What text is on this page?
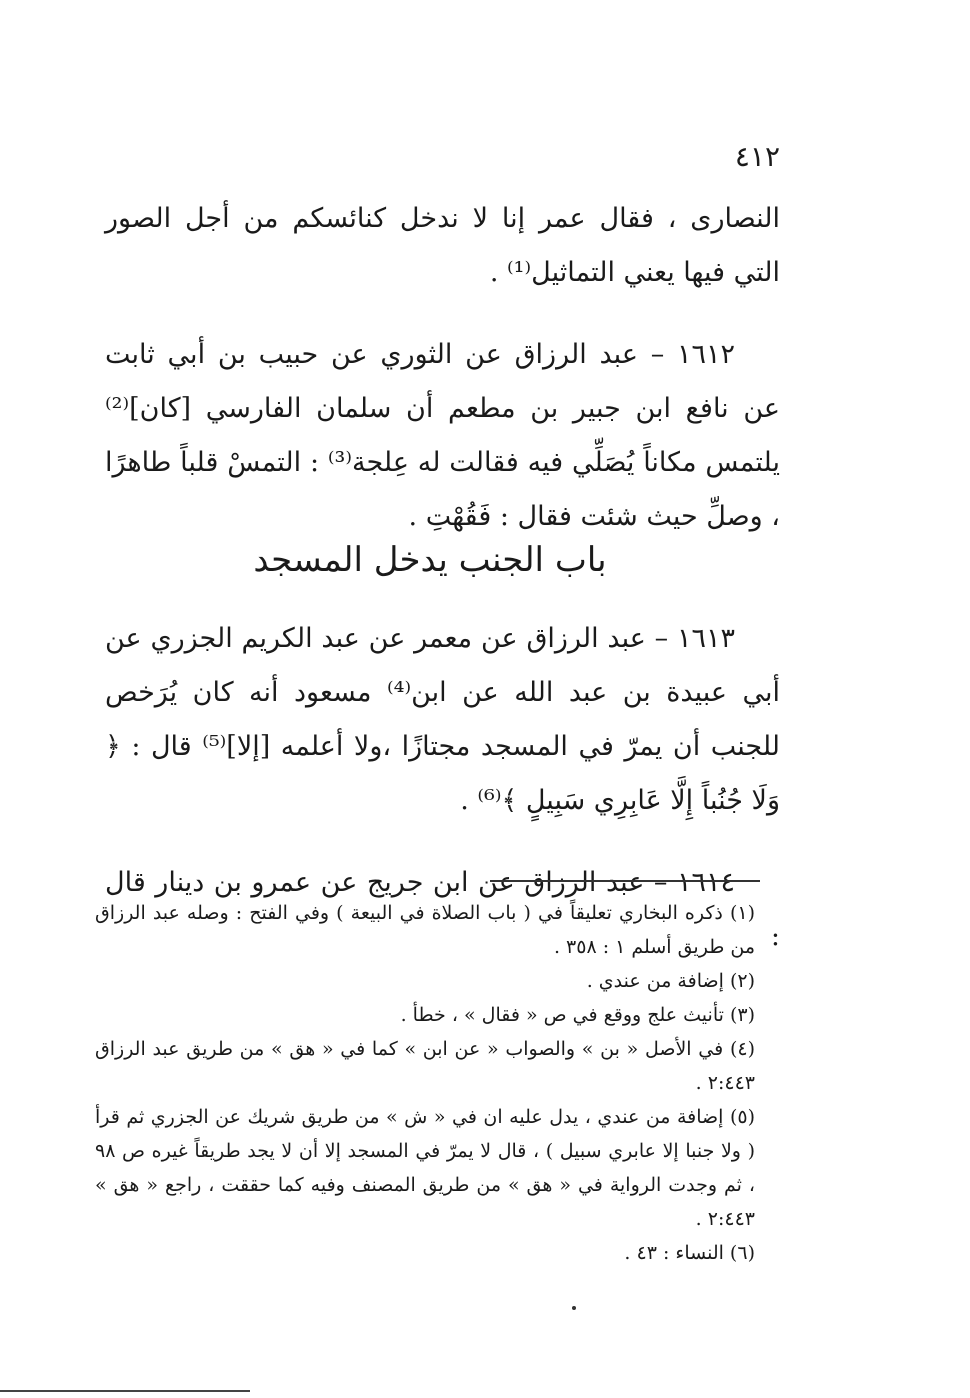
٤١٢

النصارى ، فقال عمر إنا لا ندخل كنائسكم من أجل الصور التي فيها يعني التماثيل⁽¹⁾ .

١٦١٢ – عبد الرزاق عن الثوري عن حبيب بن أبي ثابت عن نافع ابن جبير بن مطعم أن سلمان الفارسي [كان]⁽²⁾ يلتمس مكاناً يُصَلِّي فيه فقالت له عِلجة⁽³⁾ : التمسْ قلباً طاهرًا ، وصلِّ حيث شئت فقال : فَقُهْتِ .

باب الجنب يدخل المسجد

١٦١٣ – عبد الرزاق عن معمر عن عبد الكريم الجزري عن أبي عبيدة بن عبد الله عن ابن⁽⁴⁾ مسعود أنه كان يُرَخص للجنب أن يمرّ في المسجد مجتازًا ،ولا أعلمه [إلا]⁽⁵⁾ قال : ﴿ وَلَا جُنُباً إِلَّا عَابِرِي سَبِيلٍ ﴾⁽⁶⁾ .

١٦١٤ – عبد الرزاق عن ابن جريج عن عمرو بن دينار قال :

(١) ذكره البخاري تعليقاً في ( باب الصلاة في البيعة ) وفي الفتح : وصله عبد الرزاق من طريق أسلم ١ : ٣٥٨ .

(٢) إضافة من عندي .

(٣) تأنيث علج ووقع في ص « فقال » ، خطأ .

(٤) في الأصل « بن » والصواب « عن ابن » كما في « هق » من طريق عبد الرزاق ٢:٤٤٣ .

(٥) إضافة من عندي ، يدل عليه ان في « ش » من طريق شريك عن الجزري ثم قرأ ( ولا جنبا إلا عابري سبيل ) ، قال لا يمرّ في المسجد إلا أن لا يجد طريقاً غيره ص ٩٨ ، ثم وجدت الرواية في « هق » من طريق المصنف وفيه كما حققت ، راجع « هق » ٢:٤٤٣ .

(٦) النساء : ٤٣ .
